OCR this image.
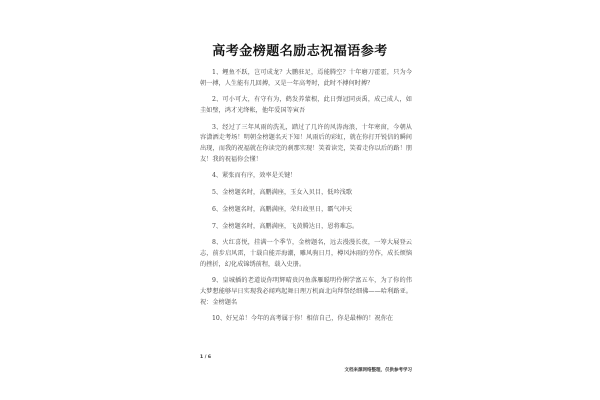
高考金榜题名励志祝福语参考

1、鲤鱼不跃，岂可成龙？大鹏驻足，焉能腾空？十年磨刀霍霍，只为今朝一搏，人生能有几回搏，又是一年高考时，此时不搏何时搏？

2、可小可大，有守有为，鹤发养蒙根，此日弹冠同贡禹，成己成人，如圭如璧，鸿才光绛帐，他年爱国等寅吾

3、经过了三年风雨的洗礼，踏过了几许的风涛海浪，十年寒窗，今朝从容潇洒走考场！明朝金榜题名天下知！风雨后的彩虹，就在你打开锐信的瞬间出现，而我的祝福就在你读完的刹那实现！笑着读完，笑着走你以后的路！朋友！我的祝福你会懂！

4、紧张而有序，效率是关键！

5、金榜题名时，高鹏满座，玉女入贝目，低吟浅歌

6、金榜题名时，高鹏满座，荣归故里日，霸气冲天

7、金榜题名时，高鹏满座，飞黄腾达日，恩将难忘。

8、火红喜悦，挂满一个季节，金榜题名，远去漫漫长夜，一筹大展登云志，前步启风雷，十载自能弄海潮，雕风驹日月，樽风沐雨的劳作，成长烦恼的挫折，幻化成锦绣前程，载入史册。

9、皇城插的老道说你明辉晴贵闪鱼落雁聪明伶俐学富五车，为了你的伟大梦想能够早日实现我必闻鸡起舞日理万机面北向拜祭经细佛——哈利路亚。祝：金榜题名

10、好兄弟！今年的高考属于你！相信自己，你是最棒的！祝你在

1 / 6
文档来源网络整理，仅供参考学习
